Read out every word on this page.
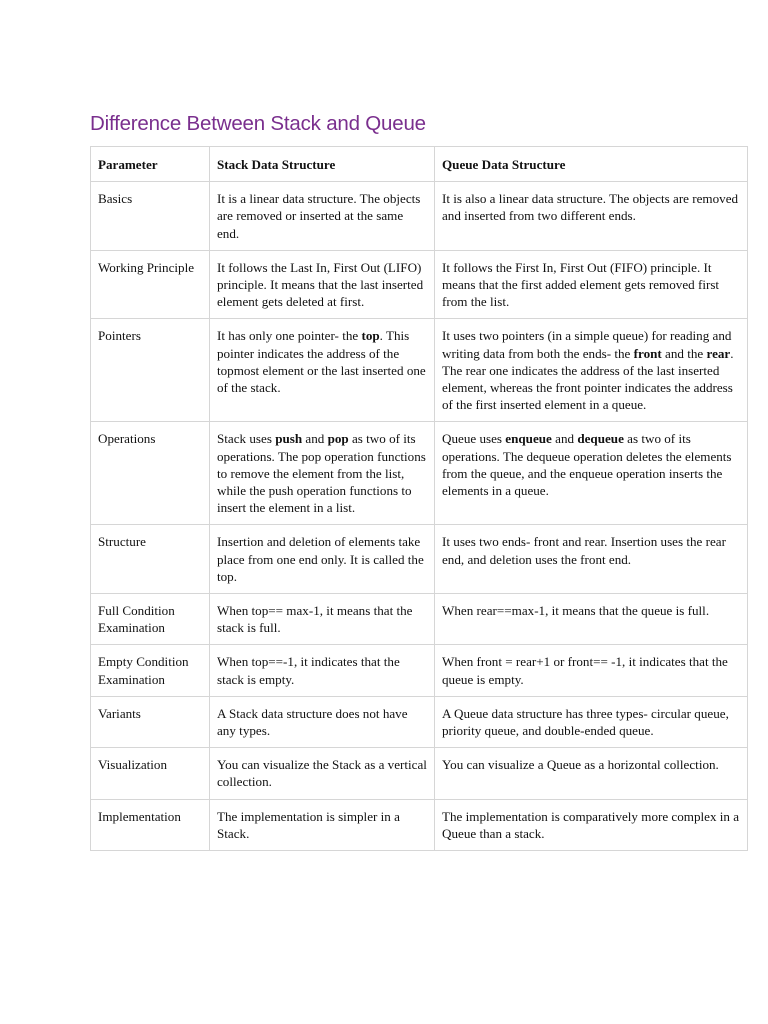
Difference Between Stack and Queue
Parameter	Stack Data Structure	Queue Data Structure
Basics	It is a linear data structure. The objects are removed or inserted at the same end.	It is also a linear data structure. The objects are removed and inserted from two different ends.
Working Principle	It follows the Last In, First Out (LIFO) principle. It means that the last inserted element gets deleted at first.	It follows the First In, First Out (FIFO) principle. It means that the first added element gets removed first from the list.
Pointers	It has only one pointer- the top. This pointer indicates the address of the topmost element or the last inserted one of the stack.	It uses two pointers (in a simple queue) for reading and writing data from both the ends- the front and the rear. The rear one indicates the address of the last inserted element, whereas the front pointer indicates the address of the first inserted element in a queue.
Operations	Stack uses push and pop as two of its operations. The pop operation functions to remove the element from the list, while the push operation functions to insert the element in a list.	Queue uses enqueue and dequeue as two of its operations. The dequeue operation deletes the elements from the queue, and the enqueue operation inserts the elements in a queue.
Structure	Insertion and deletion of elements take place from one end only. It is called the top.	It uses two ends- front and rear. Insertion uses the rear end, and deletion uses the front end.
Full Condition Examination	When top== max-1, it means that the stack is full.	When rear==max-1, it means that the queue is full.
Empty Condition Examination	When top==-1, it indicates that the stack is empty.	When front = rear+1 or front== -1, it indicates that the queue is empty.
Variants	A Stack data structure does not have any types.	A Queue data structure has three types- circular queue, priority queue, and double-ended queue.
Visualization	You can visualize the Stack as a vertical collection.	You can visualize a Queue as a horizontal collection.
Implementation	The implementation is simpler in a Stack.	The implementation is comparatively more complex in a Queue than a stack.
